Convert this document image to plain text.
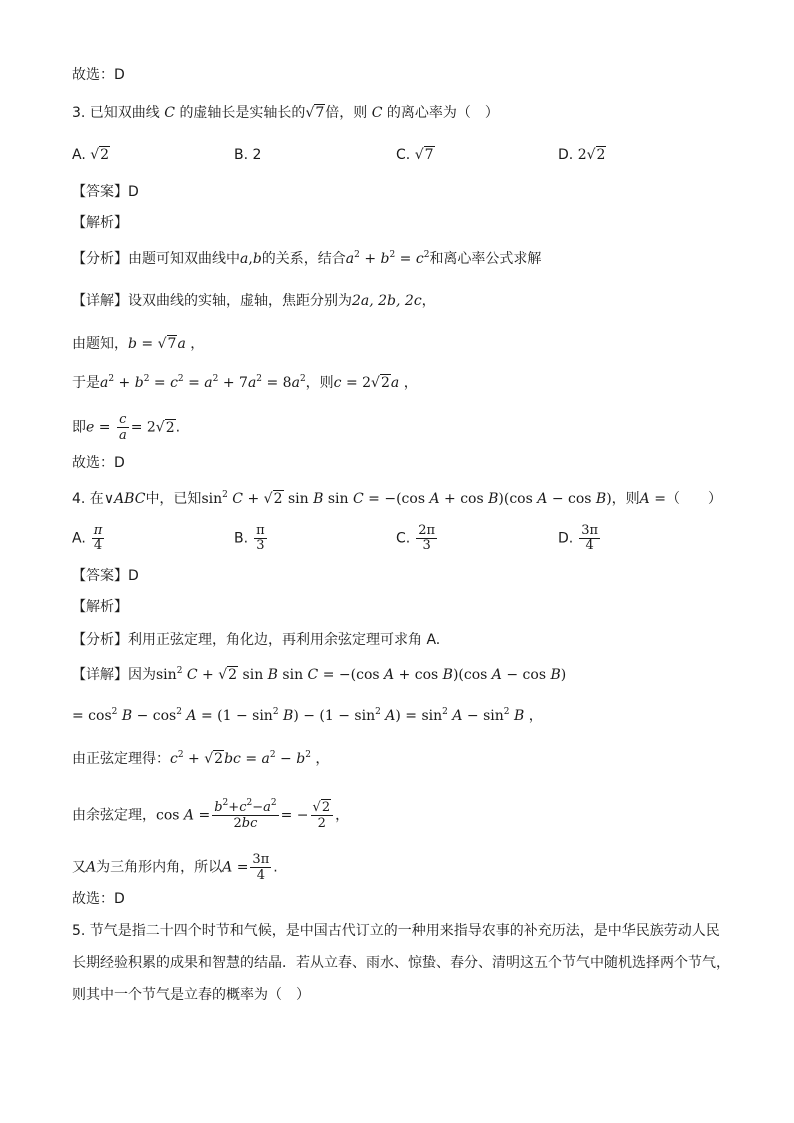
故选：D
3. 已知双曲线 C 的虚轴长是实轴长的√7倍，则 C 的离心率为（　）
A. √2	B. 2	C. √7	D. 2√2
【答案】D
【解析】
【分析】由题可知双曲线中a,b的关系，结合$a^2 + b^2 = c^2$和离心率公式求解
【详解】设双曲线的实轴，虚轴，焦距分别为2a, 2b, 2c，
由题知，b = √7a ，
于是$a^2 + b^2 = c^2 = a^2 + 7a^2 = 8a^2$，则c = 2√2a ，
即$e = \frac{c}{a} = 2√2$.
故选：D
4. 在∨ABC中，已知$\sin^2 C + √2$ sin B sin C = −(cos A + cos B)(cos A − cos B)，则A =（　　）
A. $\frac{\pi}{4}$	B. $\frac{\pi}{3}$	C. $\frac{2\pi}{3}$	D. $\frac{3\pi}{4}$
【答案】D
【解析】
【分析】利用正弦定理，角化边，再利用余弦定理可求角 A.
【详解】因为$\sin^2 C + √2$ sin B sin C = −(cos A + cos B)(cos A − cos B)
= $\cos^2 B - \cos^2 A = (1 - \sin^2 B) - (1 - \sin^2 A) = \sin^2 A - \sin^2 B$ ，
由正弦定理得：$c^2 + √2bc = a^2 - b^2$ ，
由余弦定理，$\cos A = \frac{b^2+c^2-a^2}{2bc}$ = − $\frac{√2}{2}$ ，
又A为三角形内角，所以$A = \frac{3\pi}{4}$ .
故选：D
5. 节气是指二十四个时节和气候，是中国古代订立的一种用来指导农事的补充历法，是中华民族劳动人民
长期经验积累的成果和智慧的结晶．若从立春、雨水、惊蛰、春分、清明这五个节气中随机选择两个节气，
则其中一个节气是立春的概率为（　）
